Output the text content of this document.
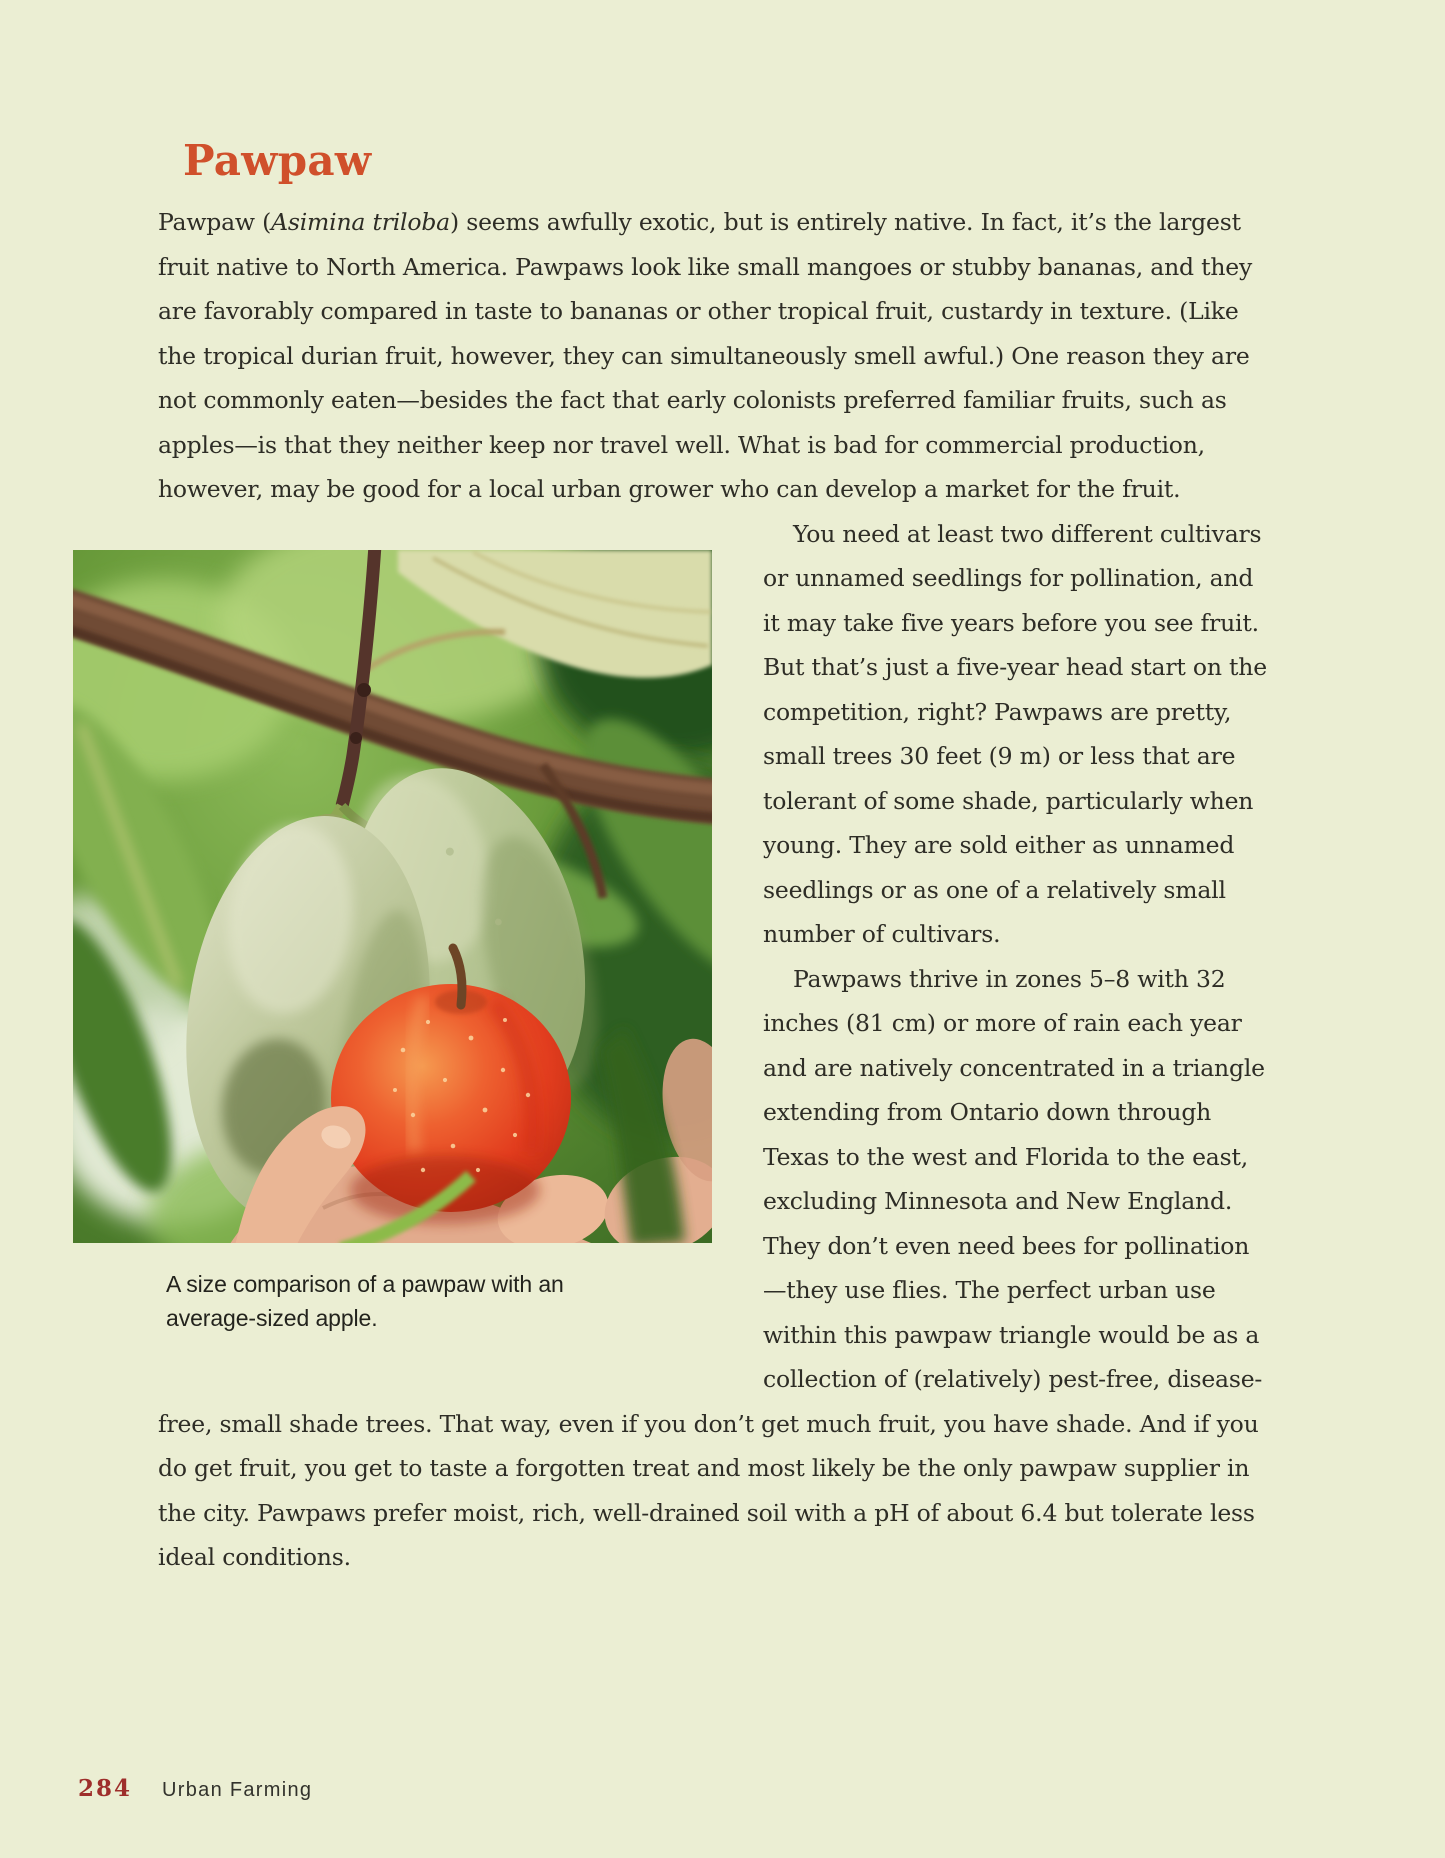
Pawpaw

Pawpaw (Asimina triloba) seems awfully exotic, but is entirely native. In fact, it’s the largest fruit native to North America. Pawpaws look like small mangoes or stubby bananas, and they are favorably compared in taste to bananas or other tropical fruit, custardy in texture. (Like the tropical durian fruit, however, they can simultaneously smell awful.) One reason they are not commonly eaten—besides the fact that early colonists preferred familiar fruits, such as apples—is that they neither keep nor travel well. What is bad for commercial production, however, may be good for a local urban grower who can develop a market for the fruit.

A size comparison of a pawpaw with an average-sized apple.

You need at least two different cultivars or unnamed seedlings for pollination, and it may take five years before you see fruit. But that’s just a five-year head start on the competition, right? Pawpaws are pretty, small trees 30 feet (9 m) or less that are tolerant of some shade, particularly when young. They are sold either as unnamed seedlings or as one of a relatively small number of cultivars.

Pawpaws thrive in zones 5–8 with 32 inches (81 cm) or more of rain each year and are natively concentrated in a triangle extending from Ontario down through Texas to the west and Florida to the east, excluding Minnesota and New England. They don’t even need bees for pollination—they use flies. The perfect urban use within this pawpaw triangle would be as a collection of (relatively) pest-free, disease-free, small shade trees. That way, even if you don’t get much fruit, you have shade. And if you do get fruit, you get to taste a forgotten treat and most likely be the only pawpaw supplier in the city. Pawpaws prefer moist, rich, well-drained soil with a pH of about 6.4 but tolerate less ideal conditions.

284 Urban Farming
